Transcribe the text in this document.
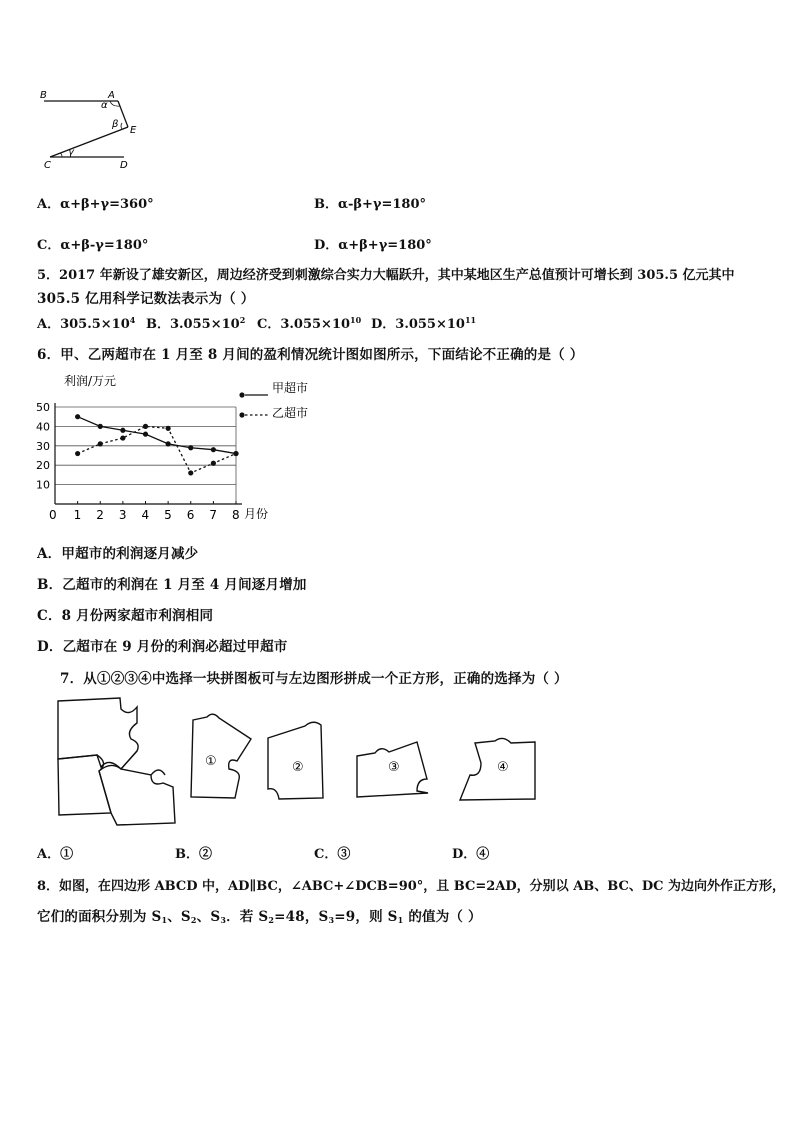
B	A
α
β
E
C
γ
D
A．α+β+γ=360°	B．α-β+γ=180°
C．α+β-γ=180°	D．α+β+γ=180°
5．2017 年新设了雄安新区，周边经济受到刺激综合实力大幅跃升，其中某地区生产总值预计可增长到 305.5 亿元其中
305.5 亿用科学记数法表示为（ ）
A．$305.5\times 10^4$ B．$3.055\times 10^2$ C．$3.055\times 10^{10}$ D．$3.055\times 10^{11}$
6．甲、乙两超市在 1 月至 8 月间的盈利情况统计图如图所示，下面结论不正确的是（ ）
利润/万元
月份
0
10
20
30
40
50
1 2 3 4 5 6 7 8
甲超市
乙超市
A．甲超市的利润逐月减少
B．乙超市的利润在 1 月至 4 月间逐月增加
C．8 月份两家超市利润相同
D．乙超市在 9 月份的利润必超过甲超市
7．从①②③④中选择一块拼图板可与左边图形拼成一个正方形，正确的选择为（ ）
①	②	③	④
A．①	B．②	C．③	D．④
8．如图，在四边形 ABCD 中，AD∥BC，∠ABC+∠DCB=90°，且 BC=2AD，分别以 AB、BC、DC 为边向外作正方形，
它们的面积分别为 $S_1$、$S_2$、$S_3$．若 $S_2=48$，$S_3=9$，则 $S_1$ 的值为（ ）
